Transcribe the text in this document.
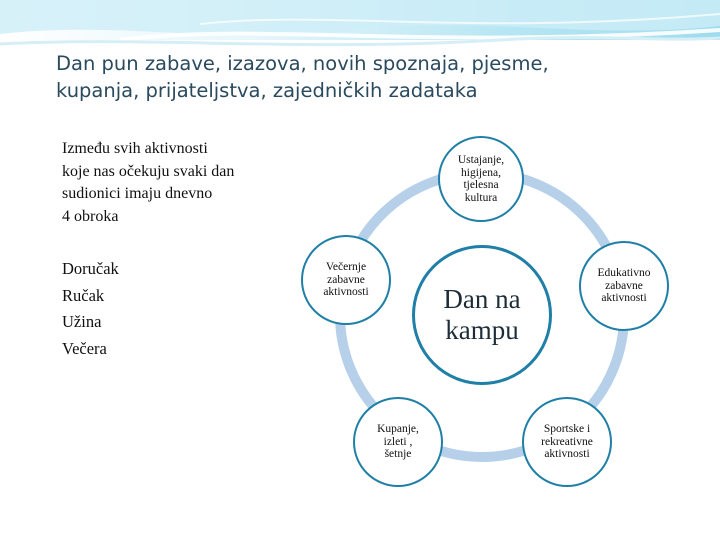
Dan pun zabave, izazova, novih spoznaja, pjesme,
kupanja, prijateljstva, zajedničkih zadataka
Između svih aktivnosti
koje nas očekuju svaki dan
sudionici imaju dnevno
4 obroka
Doručak
Ručak
Užina
Večera
Dan na
kampu
Ustajanje,
higijena,
tjelesna
kultura
Edukativno
zabavne
aktivnosti
Sportske i
rekreativne
aktivnosti
Kupanje,
izleti ,
šetnje
Večernje
zabavne
aktivnosti
